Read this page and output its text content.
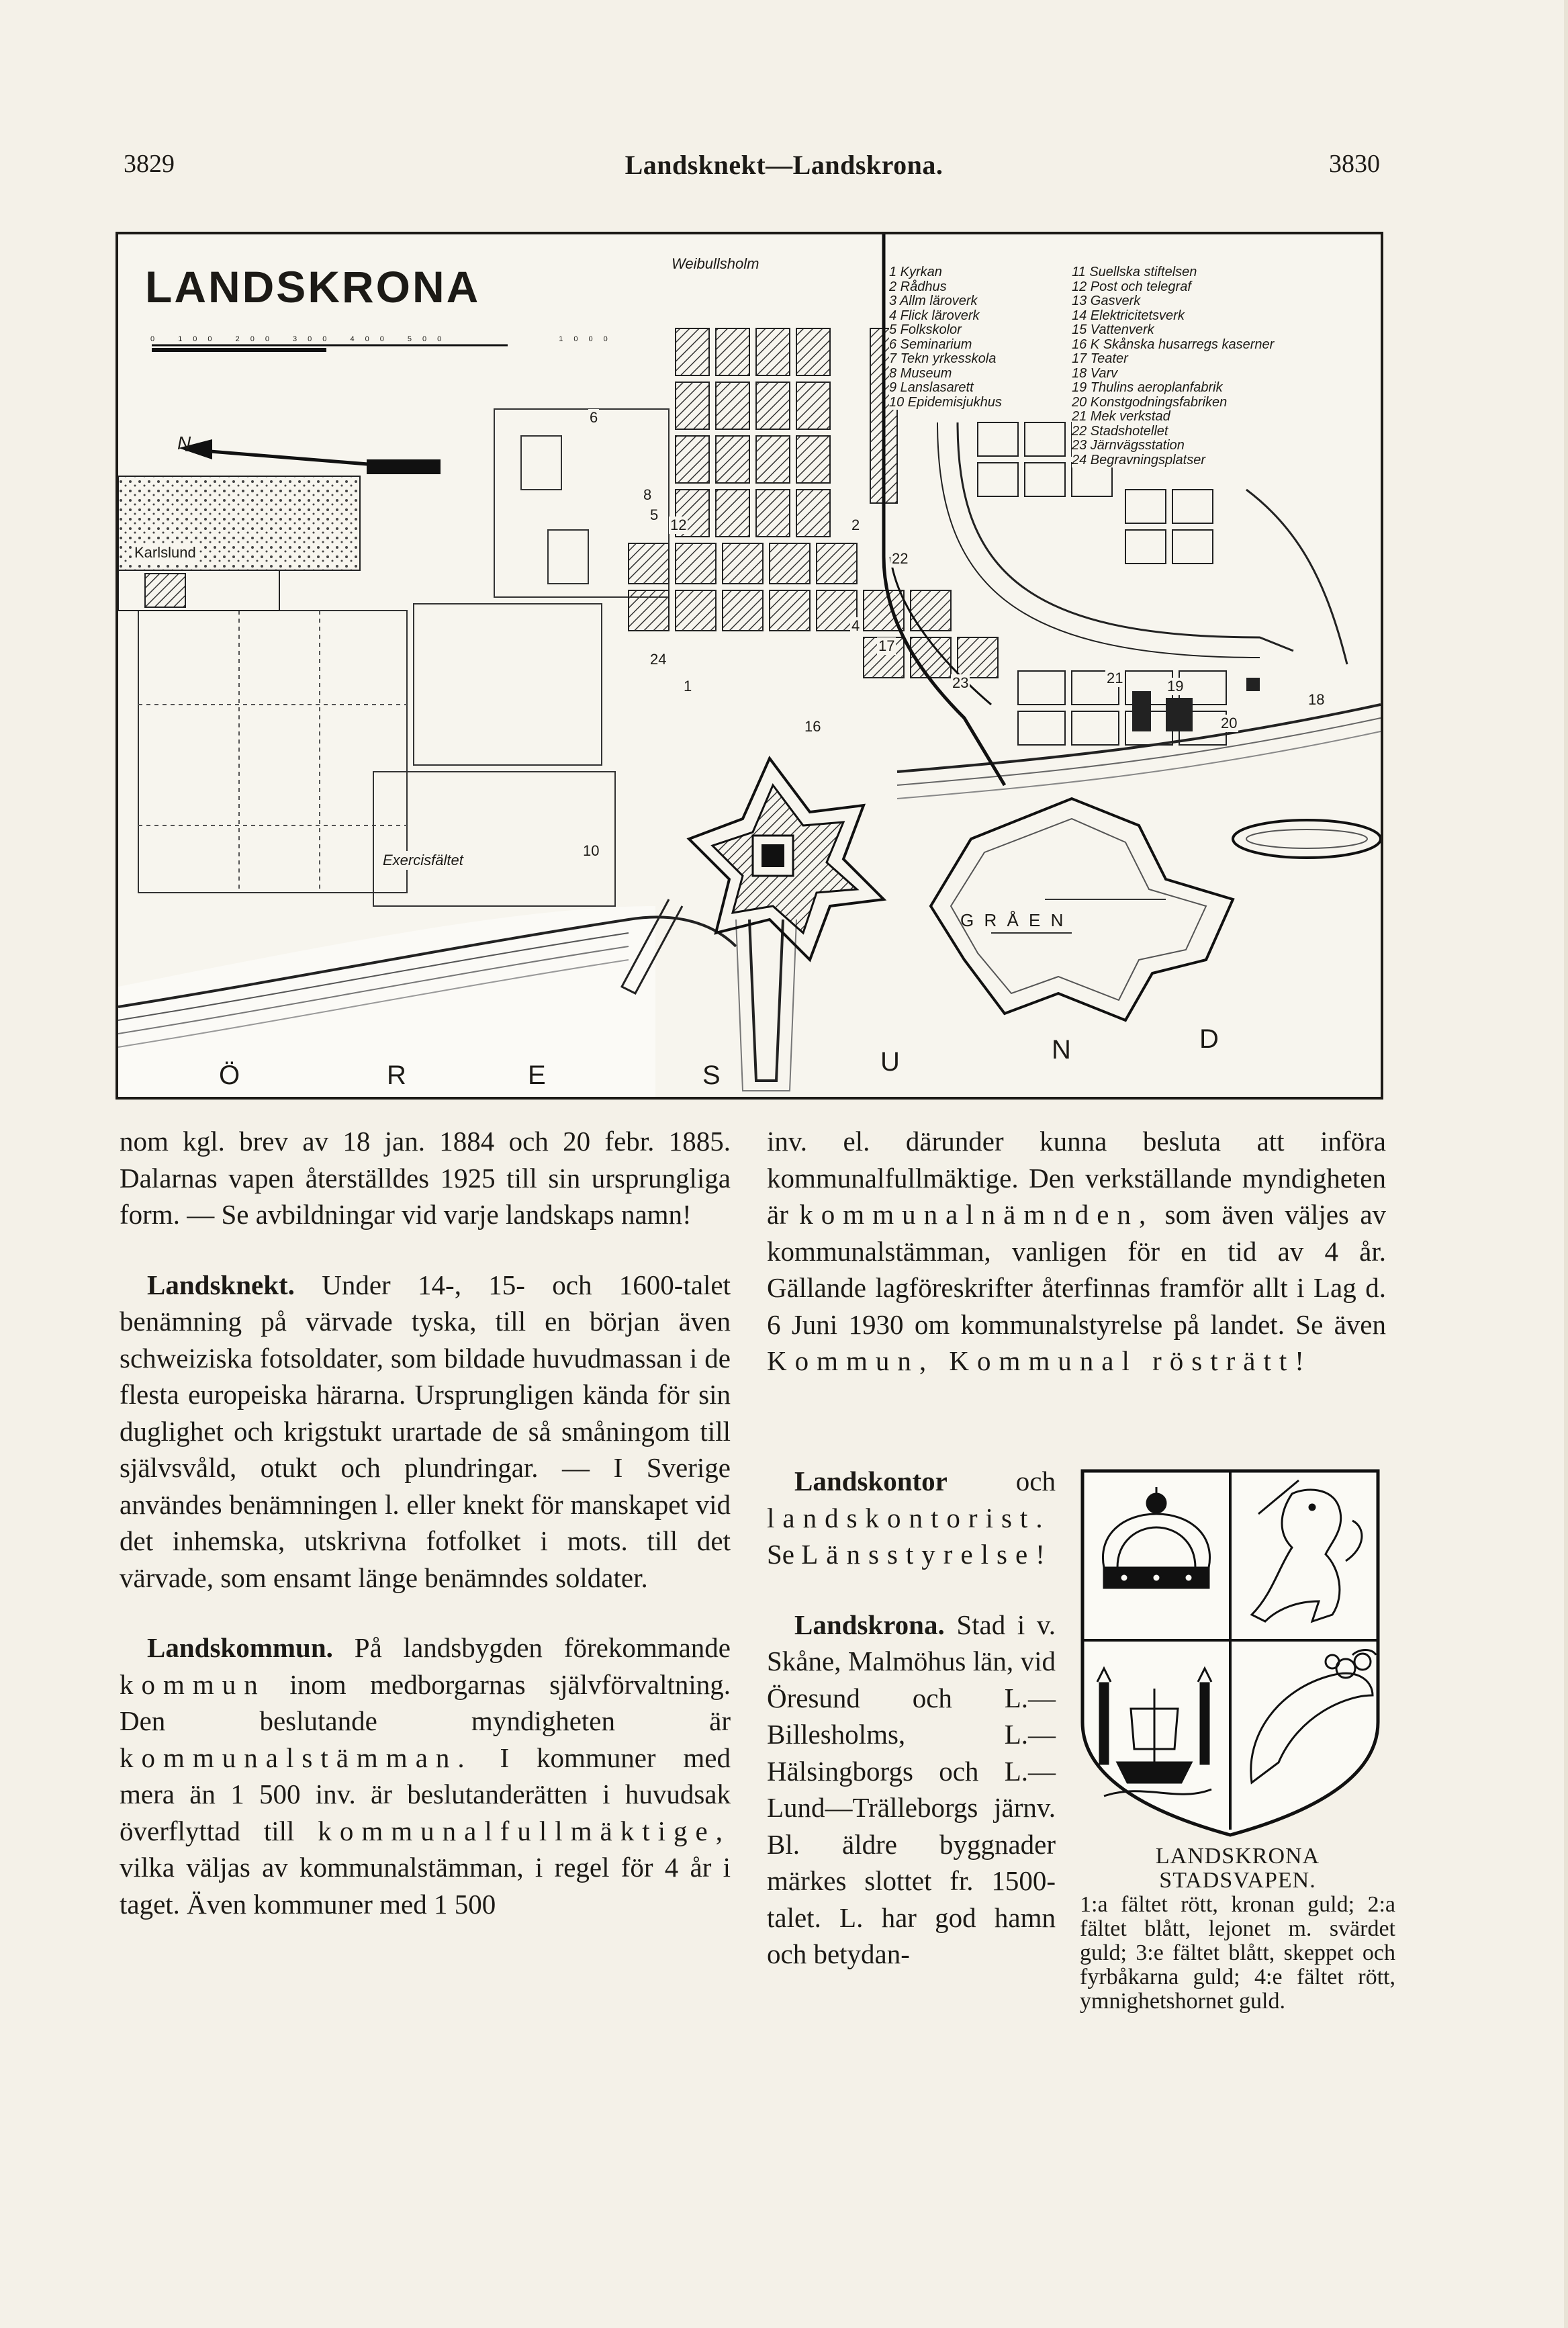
3829	Landsknekt—Landskrona.	3830
LANDSKRONA
0 100 200 300 400 500	1000
N
1 Kyrkan
2 Rådhus
3 Allm läroverk
4 Flick läroverk
5 Folkskolor
6 Seminarium
7 Tekn yrkesskola
8 Museum
9 Lanslasarett
10 Epidemisjukhus
11 Suellska stiftelsen
12 Post och telegraf
13 Gasverk
14 Elektricitetsverk
15 Vattenverk
16 K Skånska husarregs kaserner
17 Teater
18 Varv
19 Thulins aeroplanfabrik
20 Konstgodningsfabriken
21 Mek verkstad
22 Stadshotellet
23 Järnvägsstation
24 Begravningsplatser
Weibullsholm
Karlslund
Exercisfältet
G R Å E N
12
24
1
4
17
16
22
23	21	19
20
18
10
6
8
5
2
Ö	R	E	S	U	N	D

nom kgl. brev av 18 jan. 1884 och 20 febr. 1885. Dalarnas vapen återställdes 1925 till sin ursprungliga form. — Se avbildningar vid varje landskaps namn!

 Landsknekt. Under 14-, 15- och 1600-talet benämning på värvade tyska, till en början även schweiziska fotsoldater, som bildade huvudmassan i de flesta europeiska härarna. Ursprungligen kända för sin duglighet och krigstukt urartade de så småningom till självsvåld, otukt och plundringar. — I Sverige användes benämningen l. eller knekt för manskapet vid det inhemska, utskrivna fotfolket i mots. till det värvade, som ensamt länge benämndes soldater.

 Landskommun. På landsbygden förekommande kommun inom medborgarnas självförvaltning. Den beslutande myndigheten är kommunalstämman. I kommuner med mera än 1 500 inv. är beslutanderätten i huvudsak överflyttad till kommunalfullmäktige, vilka väljas av kommunalstämman, i regel för 4 år i taget. Även kommuner med 1 500

inv. el. därunder kunna besluta att införa kommunalfullmäktige. Den verkställande myndigheten är kommunalnämnden, som även väljes av kommunalstämman, vanligen för en tid av 4 år. Gällande lagföreskrifter återfinnas framför allt i Lag d. 6 Juni 1930 om kommunalstyrelse på landet. Se även Kommun, Kommunal rösträtt!

 Landskontor och landskontorist. Se Länsstyrelse!

 Landskrona. Stad i v. Skåne, Malmöhus län, vid Öresund och L.—Billesholms, L.—Hälsingborgs och L.—Lund—Trälleborgs järnv. Bl. äldre byggnader märkes slottet fr. 1500-talet. L. har god hamn och betydan-

LANDSKRONA STADSVAPEN.
1:a fältet rött, kronan guld; 2:a fältet blått, lejonet m. svärdet guld; 3:e fältet blått, skeppet och fyrbåkarna guld; 4:e fältet rött, ymnighetshornet guld.
